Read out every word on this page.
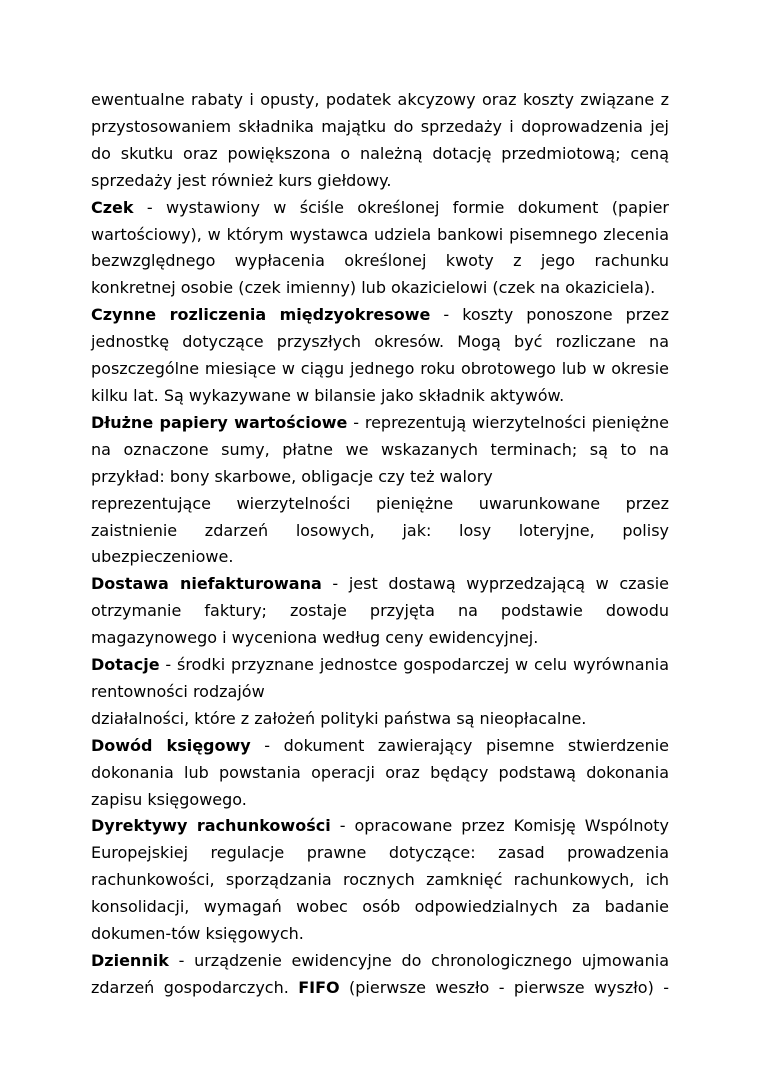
ewentualne rabaty i opusty, podatek akcyzowy oraz koszty związane z przystosowaniem składnika majątku do sprzedaży i doprowadzenia jej do skutku oraz powiększona o należną dotację przedmiotową; ceną sprzedaży jest również kurs giełdowy.

Czek - wystawiony w ściśle określonej formie dokument (papier wartościowy), w którym wystawca udziela bankowi pisemnego zlecenia bezwzględnego wypłacenia określonej kwoty z jego rachunku konkretnej osobie (czek imienny) lub okazicielowi (czek na okaziciela).

Czynne rozliczenia międzyokresowe - koszty ponoszone przez jednostkę dotyczące przyszłych okresów. Mogą być rozliczane na poszczególne miesiące w ciągu jednego roku obrotowego lub w okresie kilku lat. Są wykazywane w bilansie jako składnik aktywów.

Dłużne papiery wartościowe - reprezentują wierzytelności pieniężne na oznaczone sumy, płatne we wskazanych terminach; są to na przykład: bony skarbowe, obligacje czy też walory

reprezentujące wierzytelności pieniężne uwarunkowane przez zaistnienie zdarzeń losowych, jak: losy loteryjne, polisy ubezpieczeniowe.

Dostawa niefakturowana - jest dostawą wyprzedzającą w czasie otrzymanie faktury; zostaje przyjęta na podstawie dowodu magazynowego i wyceniona według ceny ewidencyjnej.

Dotacje - środki przyznane jednostce gospodarczej w celu wyrównania rentowności rodzajów

działalności, które z założeń polityki państwa są nieopłacalne.

Dowód księgowy - dokument zawierający pisemne stwierdzenie dokonania lub powstania operacji oraz będący podstawą dokonania zapisu księgowego.

Dyrektywy rachunkowości - opracowane przez Komisję Wspólnoty Europejskiej regulacje prawne dotyczące: zasad prowadzenia rachunkowości, sporządzania rocznych zamknięć rachunkowych, ich konsolidacji, wymagań wobec osób odpowiedzialnych za badanie dokumen-tów księgowych.

Dziennik - urządzenie ewidencyjne do chronologicznego ujmowania zdarzeń gospodarczych. FIFO (pierwsze weszło - pierwsze wyszło) -
